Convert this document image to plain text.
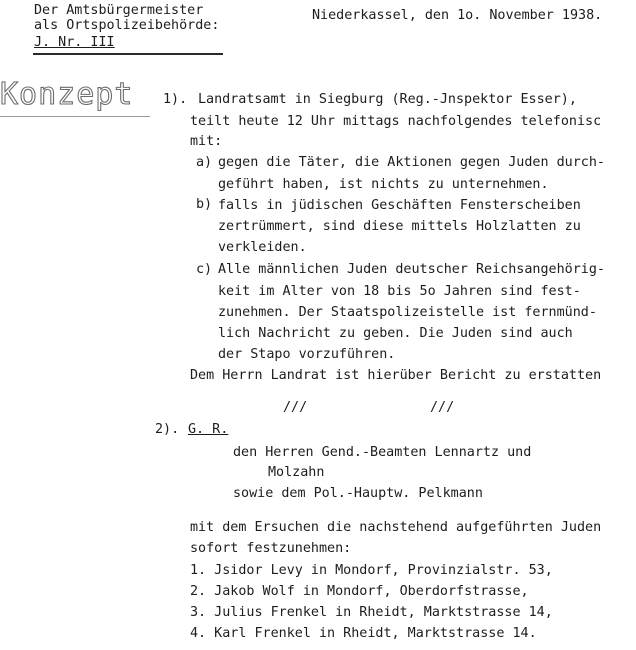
Der Amtsbürgermeister
als Ortspolizeibehörde:
J. Nr. III
Niederkassel, den 1o. November 1938.
Konzept 1). Landratsamt in Siegburg (Reg.-Jnspektor Esser),
teilt heute 12 Uhr mittags nachfolgendes telefonisc
mit:
a) gegen die Täter, die Aktionen gegen Juden durch-
geführt haben, ist nichts zu unternehmen.
b) falls in jüdischen Geschäften Fensterscheiben
zertrümmert, sind diese mittels Holzlatten zu
verkleiden.
c) Alle männlichen Juden deutscher Reichsangehörig-
keit im Alter von 18 bis 5o Jahren sind fest-
zunehmen. Der Staatspolizeistelle ist fernmünd-
lich Nachricht zu geben. Die Juden sind auch
der Stapo vorzuführen.
Dem Herrn Landrat ist hierüber Bericht zu erstatten
///	///
2). G. R.
den Herren Gend.-Beamten Lennartz und
Molzahn
sowie dem Pol.-Hauptw. Pelkmann
mit dem Ersuchen die nachstehend aufgeführten Juden
sofort festzunehmen:
1. Jsidor Levy in Mondorf, Provinzialstr. 53,
2. Jakob Wolf in Mondorf, Oberdorfstrasse,
3. Julius Frenkel in Rheidt, Marktstrasse 14,
4. Karl Frenkel in Rheidt, Marktstrasse 14.
